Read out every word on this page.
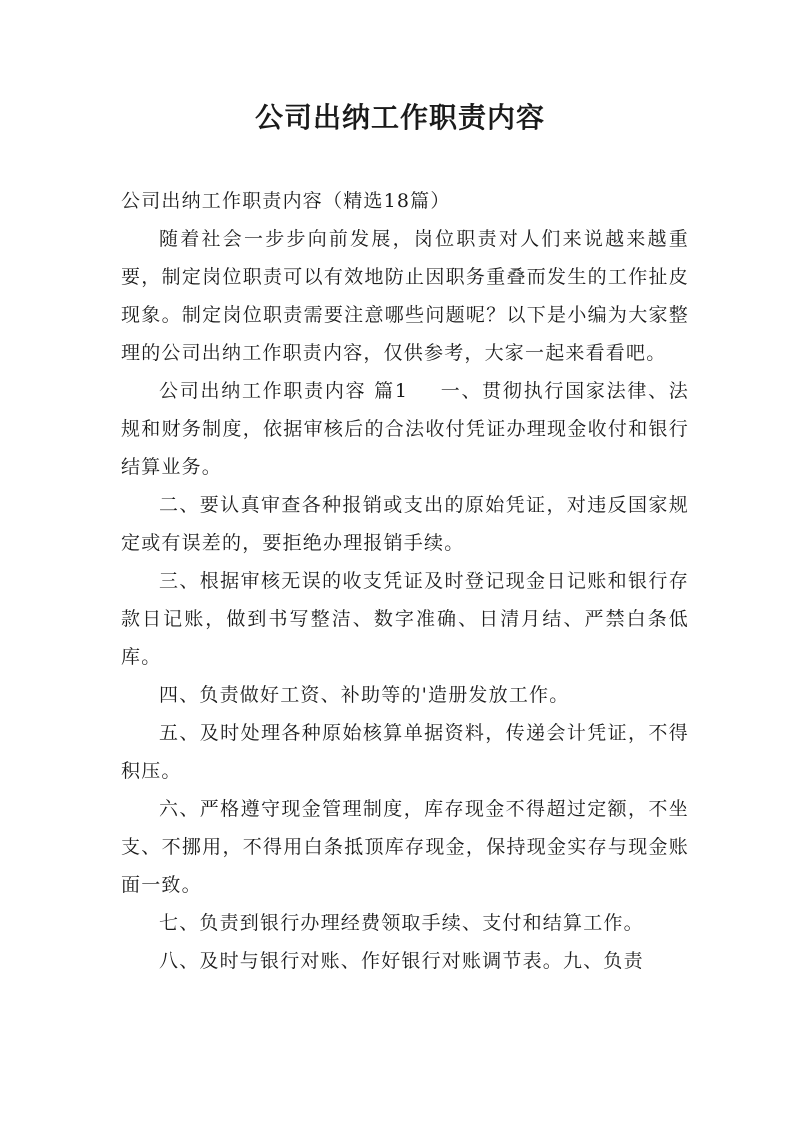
公司出纳工作职责内容

公司出纳工作职责内容（精选18篇）

随着社会一步步向前发展，岗位职责对人们来说越来越重要，制定岗位职责可以有效地防止因职务重叠而发生的工作扯皮现象。制定岗位职责需要注意哪些问题呢？以下是小编为大家整理的公司出纳工作职责内容，仅供参考，大家一起来看看吧。

公司出纳工作职责内容 篇1 一、贯彻执行国家法律、法规和财务制度，依据审核后的合法收付凭证办理现金收付和银行结算业务。

二、要认真审查各种报销或支出的原始凭证，对违反国家规定或有误差的，要拒绝办理报销手续。

三、根据审核无误的收支凭证及时登记现金日记账和银行存款日记账，做到书写整洁、数字准确、日清月结、严禁白条低库。

四、负责做好工资、补助等的'造册发放工作。

五、及时处理各种原始核算单据资料，传递会计凭证，不得积压。

六、严格遵守现金管理制度，库存现金不得超过定额，不坐支、不挪用，不得用白条抵顶库存现金，保持现金实存与现金账面一致。

七、负责到银行办理经费领取手续、支付和结算工作。

八、及时与银行对账、作好银行对账调节表。九、负责
